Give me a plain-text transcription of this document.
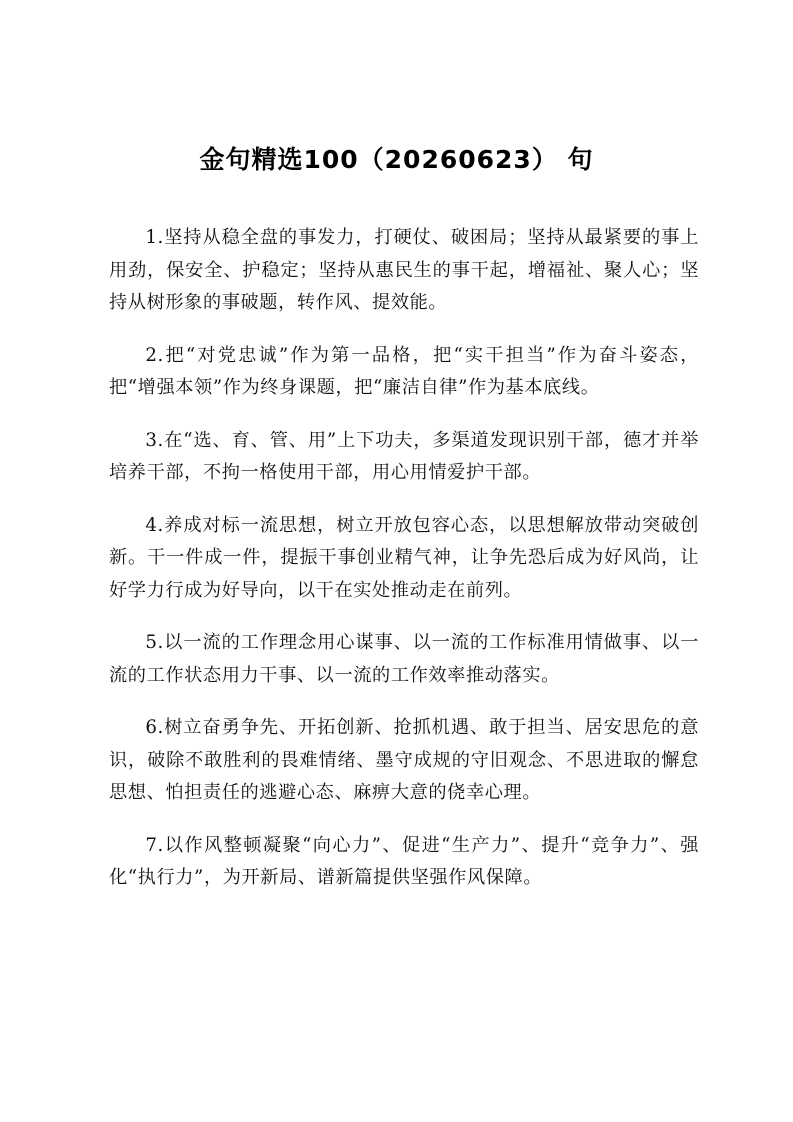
金句精选100（20260623） 句

1.坚持从稳全盘的事发力，打硬仗、破困局；坚持从最紧要的事上用劲，保安全、护稳定；坚持从惠民生的事干起，增福祉、聚人心；坚持从树形象的事破题，转作风、提效能。

2.把“对党忠诚”作为第一品格，把“实干担当”作为奋斗姿态，把“增强本领”作为终身课题，把“廉洁自律”作为基本底线。

3.在“选、育、管、用”上下功夫，多渠道发现识别干部，德才并举培养干部，不拘一格使用干部，用心用情爱护干部。

4.养成对标一流思想，树立开放包容心态，以思想解放带动突破创新。干一件成一件，提振干事创业精气神，让争先恐后成为好风尚，让好学力行成为好导向，以干在实处推动走在前列。

5.以一流的工作理念用心谋事、以一流的工作标准用情做事、以一流的工作状态用力干事、以一流的工作效率推动落实。

6.树立奋勇争先、开拓创新、抢抓机遇、敢于担当、居安思危的意识，破除不敢胜利的畏难情绪、墨守成规的守旧观念、不思进取的懈怠思想、怕担责任的逃避心态、麻痹大意的侥幸心理。

7.以作风整顿凝聚“向心力”、促进“生产力”、提升“竞争力”、强化“执行力”，为开新局、谱新篇提供坚强作风保障。
